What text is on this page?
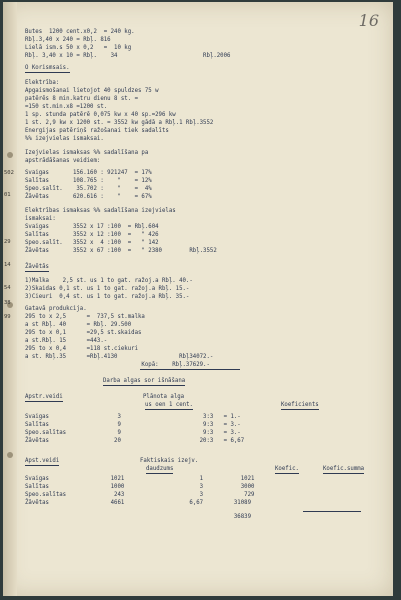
502
01
29
14
54
38
99
16
Butes  1200 cent.x0,2  = 240 kg.
Rbļ.3,40 x 240 = Rbļ. 816
Lielā ism.s 50 x 0,2   =  10 kg
Rbļ. 3,40 x 10 = Rbļ.    34                         Rbļ.2006
O Korismsais.
Elektrība:
Apgaismošanai lietojot 40 spuldzes 75 w
patērēs 8 min.katru dienu 8 st. =
=150 st.min.x8 =1200 st.
1 sp. stunda patērē 0,075 kw x 40 sp.=296 kw
1 st. 2,9 kw x 1200 st. = 3552 kw gādā a Rbļ.1 Rbļ.3552
Energijas patēriņš ražošanai tiek sadalīts
%% izejvielas ismaksai.
Izejvielas ismaksas %% sadalīšana pa
apstrādāšanas veidiem:
Svaigas       156.160 : 921247  = 17%
Salītas       108.765 :    "    = 12%
Speo.salīt.    35.702 :    "    =  4%
Žāvētas       620.616 :    "    = 67%
Elektrības ismaksas %% sadalīšana izejvielas
ismaksai:
Svaigas       3552 x 17 :100  = Rbļ.604
Salītas       3552 x 12 :100  =   " 426
Speo.salīt.   3552 x  4 :100  =   " 142
Žāvētas       3552 x 67 :100  =   " 2380        Rbļ.3552
Žāvētās
1)Malka    2,5 st. us 1 to gat. ražoj.a Rbļ. 40.-
2)Skaidas 0,1 st. us 1 to gat. ražoj.a Rbļ. 15.-
3)Cieuri  0,4 st. us 1 to gat. ražoj.a Rbļ. 35.-
Gatavā produkcija.
295 to x 2,5      =  737,5 st.malka
a st Rbļ. 40      = Rbļ. 29.500
295 to x 0,1      =29,5 st.skaidas
a st.Rbļ. 15      =443.-
295 to x 0,4      =118 st.ciekuri
a st. Rbļ.35      =Rbļ.4130                  Rbļ34072.-
Kopā:    Rbļ.37629.-
Darba algas sor išnāšana
Apstr.veidi	Plānota alga
us oen 1 cent.	Koeficients
Svaigas                    3                        3:3   = 1.-
Salītas                    9                        9:3   = 3.-
Speo.salītas               9                        9:3   = 3.-
Žāvētas                   20                       20:3   = 6,67
Apst.veidi	Faktiskais izejv.
daudzums	Koefic.	Koefic.summa
Svaigas                  1021                      1           1021
Salītas                  1000                      3           3000
Speo.salītas              243                      3            729
Žāvētas                  4661                   6,67         31089
36839
